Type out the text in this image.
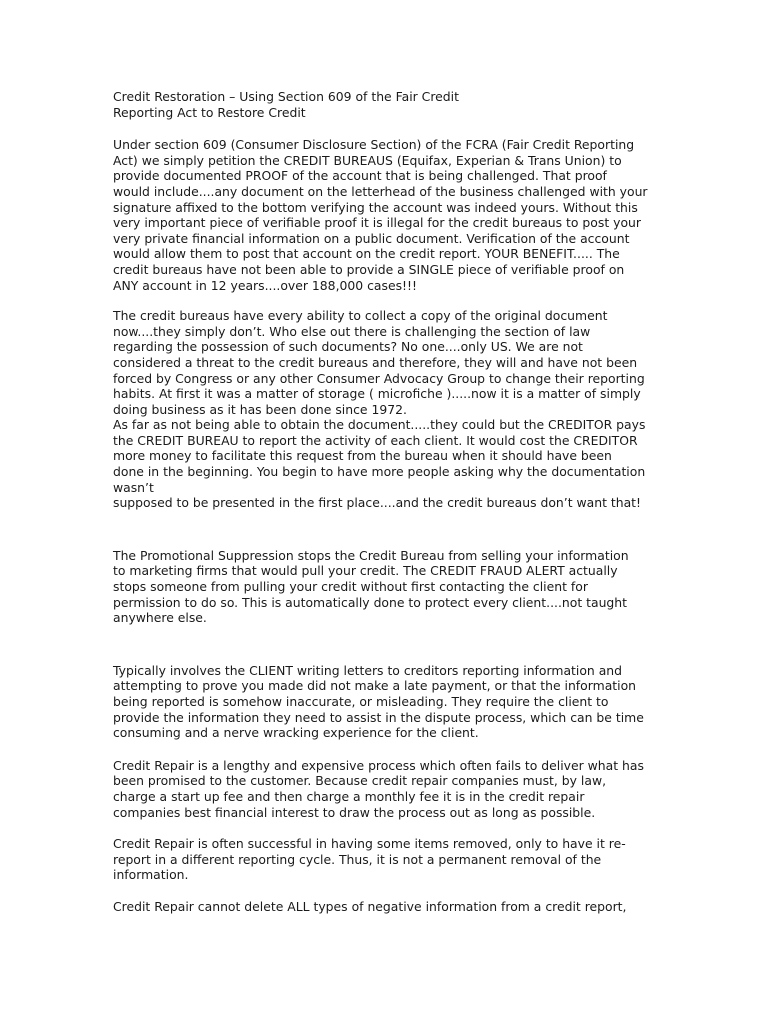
Credit Restoration – Using Section 609 of the Fair Credit
Reporting Act to Restore Credit

Under section 609 (Consumer Disclosure Section) of the FCRA (Fair Credit Reporting
Act) we simply petition the CREDIT BUREAUS (Equifax, Experian & Trans Union) to
provide documented PROOF of the account that is being challenged. That proof
would include....any document on the letterhead of the business challenged with your
signature affixed to the bottom verifying the account was indeed yours. Without this
very important piece of verifiable proof it is illegal for the credit bureaus to post your
very private financial information on a public document. Verification of the account
would allow them to post that account on the credit report. YOUR BENEFIT..... The
credit bureaus have not been able to provide a SINGLE piece of verifiable proof on
ANY account in 12 years....over 188,000 cases!!!

The credit bureaus have every ability to collect a copy of the original document
now....they simply don’t. Who else out there is challenging the section of law
regarding the possession of such documents? No one....only US. We are not
considered a threat to the credit bureaus and therefore, they will and have not been
forced by Congress or any other Consumer Advocacy Group to change their reporting
habits. At first it was a matter of storage ( microfiche ).....now it is a matter of simply
doing business as it has been done since 1972.

As far as not being able to obtain the document.....they could but the CREDITOR pays
the CREDIT BUREAU to report the activity of each client. It would cost the CREDITOR
more money to facilitate this request from the bureau when it should have been
done in the beginning. You begin to have more people asking why the documentation
wasn’t
supposed to be presented in the first place....and the credit bureaus don’t want that!

The Promotional Suppression stops the Credit Bureau from selling your information
to marketing firms that would pull your credit. The CREDIT FRAUD ALERT actually
stops someone from pulling your credit without first contacting the client for
permission to do so. This is automatically done to protect every client....not taught
anywhere else.

Typically involves the CLIENT writing letters to creditors reporting information and
attempting to prove you made did not make a late payment, or that the information
being reported is somehow inaccurate, or misleading. They require the client to
provide the information they need to assist in the dispute process, which can be time
consuming and a nerve wracking experience for the client.

Credit Repair is a lengthy and expensive process which often fails to deliver what has
been promised to the customer. Because credit repair companies must, by law,
charge a start up fee and then charge a monthly fee it is in the credit repair
companies best financial interest to draw the process out as long as possible.

Credit Repair is often successful in having some items removed, only to have it re-
report in a different reporting cycle. Thus, it is not a permanent removal of the
information.

Credit Repair cannot delete ALL types of negative information from a credit report,
